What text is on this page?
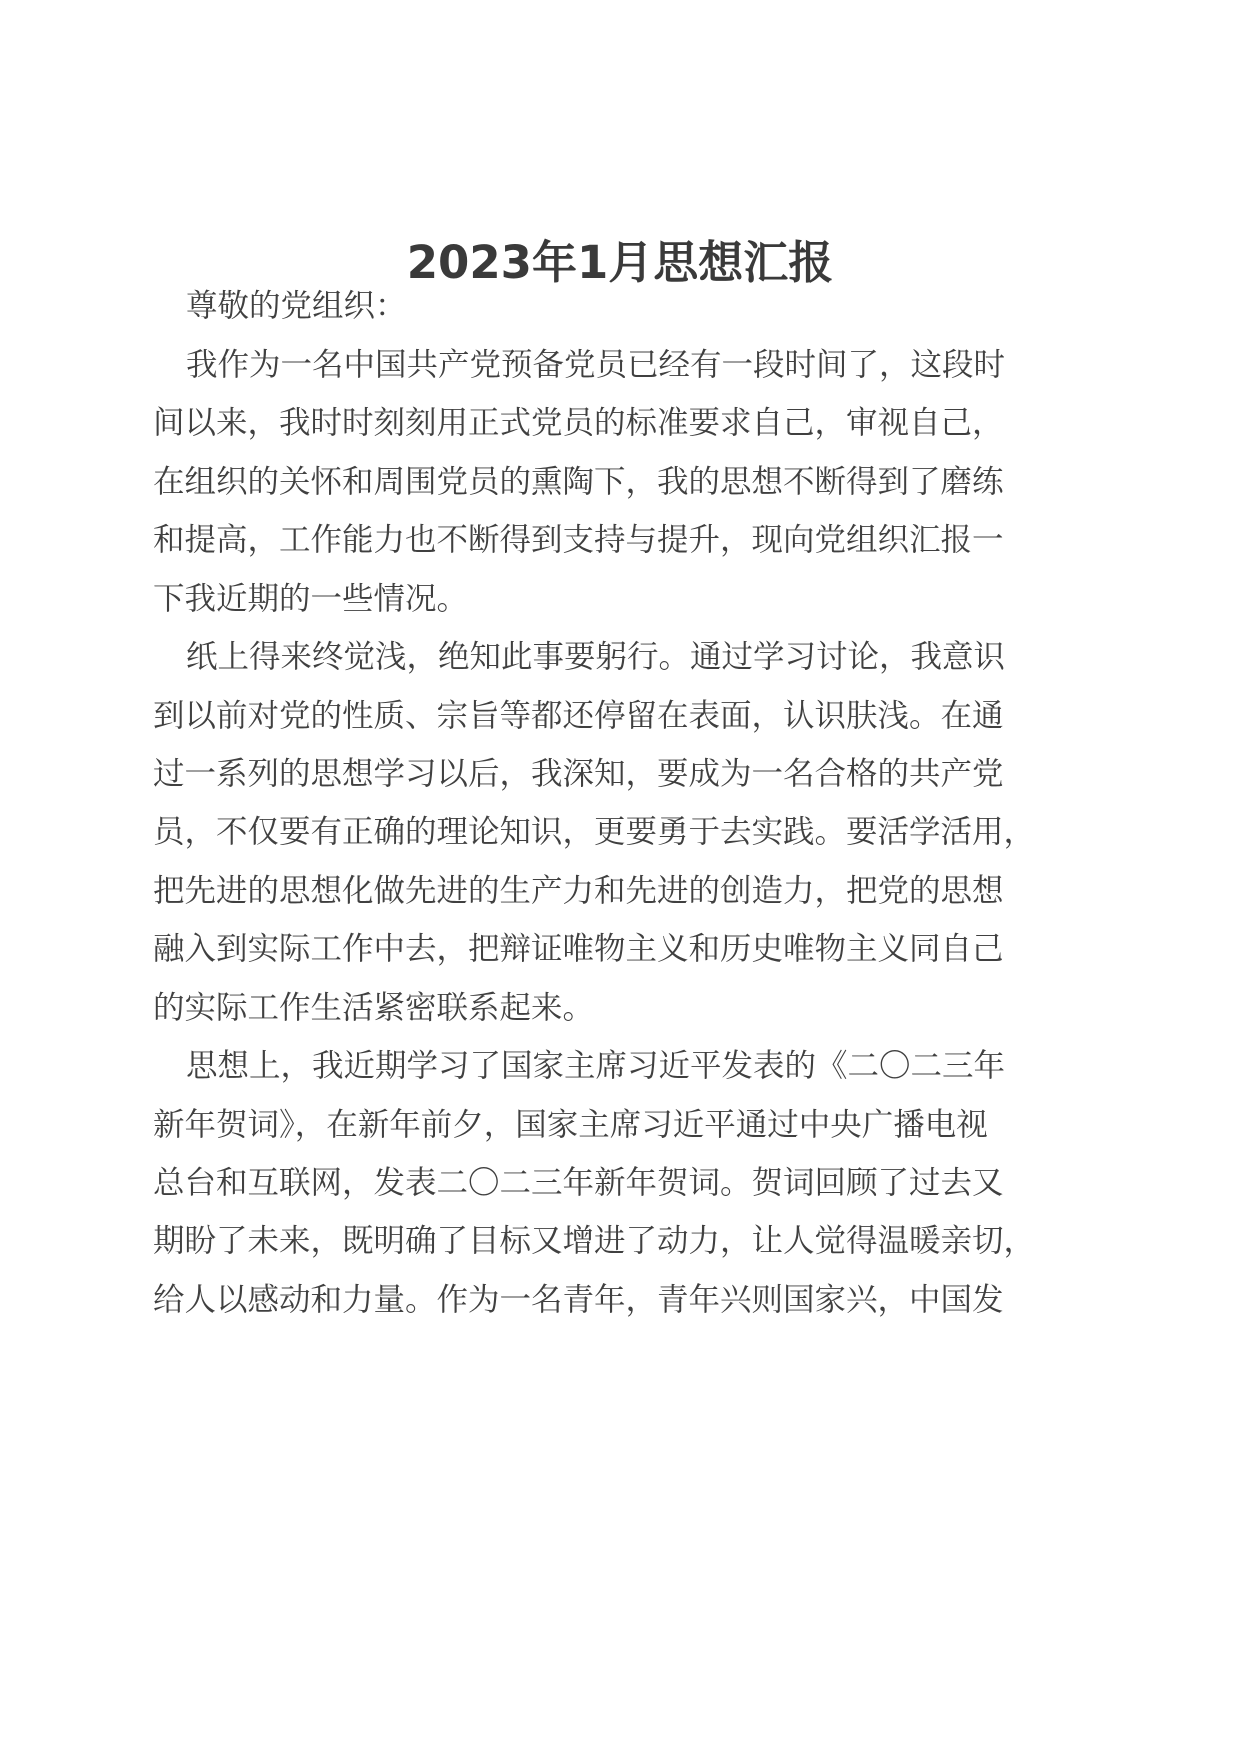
2023年1月思想汇报
尊敬的党组织：
我作为一名中国共产党预备党员已经有一段时间了，这段时
间以来，我时时刻刻用正式党员的标准要求自己，审视自己，
在组织的关怀和周围党员的熏陶下，我的思想不断得到了磨练
和提高，工作能力也不断得到支持与提升，现向党组织汇报一
下我近期的一些情况。
纸上得来终觉浅，绝知此事要躬行。通过学习讨论，我意识
到以前对党的性质、宗旨等都还停留在表面，认识肤浅。在通
过一系列的思想学习以后，我深知，要成为一名合格的共产党
员，不仅要有正确的理论知识，更要勇于去实践。要活学活用，
把先进的思想化做先进的生产力和先进的创造力，把党的思想
融入到实际工作中去，把辩证唯物主义和历史唯物主义同自己
的实际工作生活紧密联系起来。
思想上，我近期学习了国家主席习近平发表的《二〇二三年
新年贺词》，在新年前夕，国家主席习近平通过中央广播电视
总台和互联网，发表二〇二三年新年贺词。贺词回顾了过去又
期盼了未来，既明确了目标又增进了动力，让人觉得温暖亲切，
给人以感动和力量。作为一名青年，青年兴则国家兴，中国发
